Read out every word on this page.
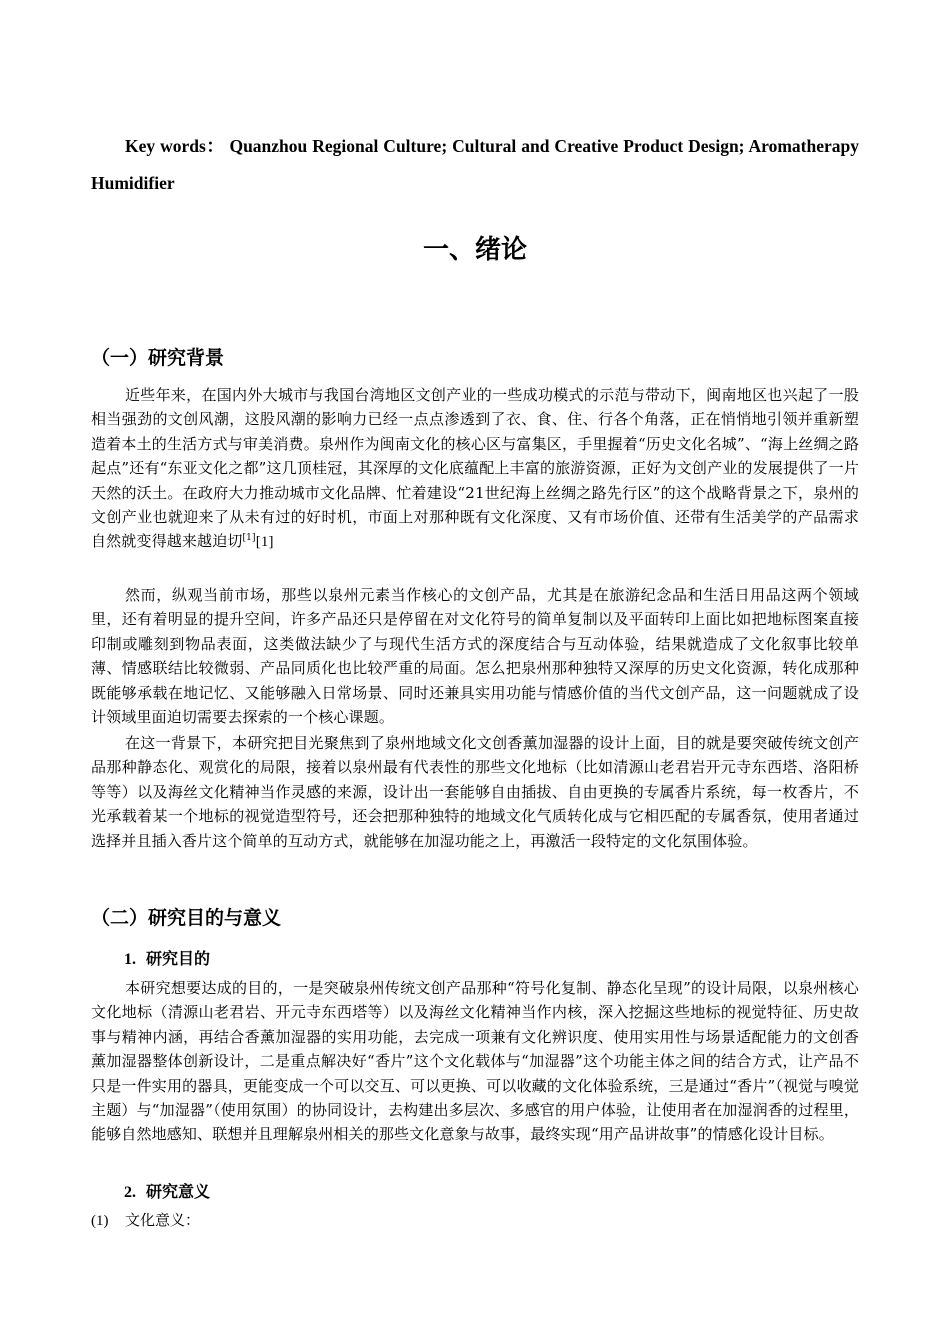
Key words： Quanzhou Regional Culture; Cultural and Creative Product Design; Aromatherapy Humidifier

一、绪论
（一）研究背景

近些年来，在国内外大城市与我国台湾地区文创产业的一些成功模式的示范与带动下，闽南地区也兴起了一股相当强劲的文创风潮，这股风潮的影响力已经一点点渗透到了衣、食、住、行各个角落，正在悄悄地引领并重新塑造着本土的生活方式与审美消费。泉州作为闽南文化的核心区与富集区，手里握着“历史文化名城”、“海上丝绸之路起点”还有“东亚文化之都”这几顶桂冠，其深厚的文化底蕴配上丰富的旅游资源，正好为文创产业的发展提供了一片天然的沃土。在政府大力推动城市文化品牌、忙着建设“21世纪海上丝绸之路先行区”的这个战略背景之下，泉州的文创产业也就迎来了从未有过的好时机，市面上对那种既有文化深度、又有市场价值、还带有生活美学的产品需求自然就变得越来越迫切[1][1]

然而，纵观当前市场，那些以泉州元素当作核心的文创产品，尤其是在旅游纪念品和生活日用品这两个领域里，还有着明显的提升空间，许多产品还只是停留在对文化符号的简单复制以及平面转印上面比如把地标图案直接印制或雕刻到物品表面，这类做法缺少了与现代生活方式的深度结合与互动体验，结果就造成了文化叙事比较单薄、情感联结比较微弱、产品同质化也比较严重的局面。怎么把泉州那种独特又深厚的历史文化资源，转化成那种既能够承载在地记忆、又能够融入日常场景、同时还兼具实用功能与情感价值的当代文创产品，这一问题就成了设计领域里面迫切需要去探索的一个核心课题。

在这一背景下，本研究把目光聚焦到了泉州地域文化文创香薰加湿器的设计上面，目的就是要突破传统文创产品那种静态化、观赏化的局限，接着以泉州最有代表性的那些文化地标（比如清源山老君岩开元寺东西塔、洛阳桥等等）以及海丝文化精神当作灵感的来源，设计出一套能够自由插拔、自由更换的专属香片系统，每一枚香片，不光承载着某一个地标的视觉造型符号，还会把那种独特的地域文化气质转化成与它相匹配的专属香氛，使用者通过选择并且插入香片这个简单的互动方式，就能够在加湿功能之上，再激活一段特定的文化氛围体验。

（二）研究目的与意义
1. 研究目的

本研究想要达成的目的，一是突破泉州传统文创产品那种“符号化复制、静态化呈现”的设计局限，以泉州核心文化地标（清源山老君岩、开元寺东西塔等）以及海丝文化精神当作内核，深入挖掘这些地标的视觉特征、历史故事与精神内涵，再结合香薰加湿器的实用功能，去完成一项兼有文化辨识度、使用实用性与场景适配能力的文创香薰加湿器整体创新设计，二是重点解决好“香片”这个文化载体与“加湿器”这个功能主体之间的结合方式，让产品不只是一件实用的器具，更能变成一个可以交互、可以更换、可以收藏的文化体验系统，三是通过“香片”（视觉与嗅觉主题）与“加湿器”（使用氛围）的协同设计，去构建出多层次、多感官的用户体验，让使用者在加湿润香的过程里，能够自然地感知、联想并且理解泉州相关的那些文化意象与故事，最终实现“用产品讲故事”的情感化设计目标。

2. 研究意义

(1) 文化意义：
